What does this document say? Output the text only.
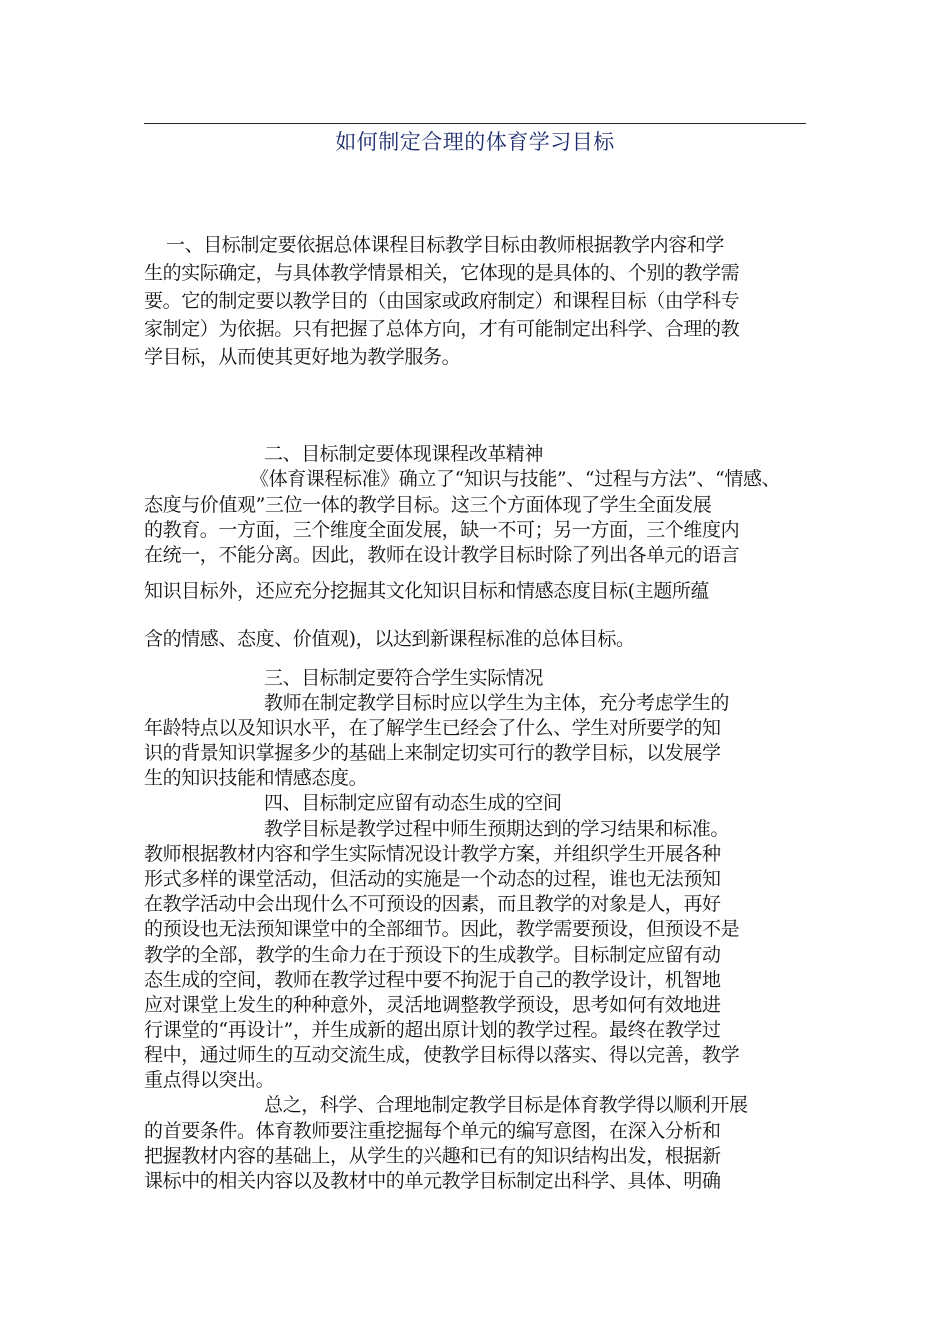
如何制定合理的体育学习目标
一、目标制定要依据总体课程目标教学目标由教师根据教学内容和学
生的实际确定，与具体教学情景相关，它体现的是具体的、个别的教学需
要。它的制定要以教学目的（由国家或政府制定）和课程目标（由学科专
家制定）为依据。只有把握了总体方向，才有可能制定出科学、合理的教
学目标，从而使其更好地为教学服务。
二、目标制定要体现课程改革精神
《体育课程标准》确立了“知识与技能”、“过程与方法”、“情感、
态度与价值观”三位一体的教学目标。这三个方面体现了学生全面发展
的教育。一方面，三个维度全面发展，缺一不可；另一方面，三个维度内
在统一，不能分离。因此，教师在设计教学目标时除了列出各单元的语言
知识目标外，还应充分挖掘其文化知识目标和情感态度目标(主题所蕴
含的情感、态度、价值观)，以达到新课程标准的总体目标。
三、目标制定要符合学生实际情况
教师在制定教学目标时应以学生为主体，充分考虑学生的
年龄特点以及知识水平，在了解学生已经会了什么、学生对所要学的知
识的背景知识掌握多少的基础上来制定切实可行的教学目标，以发展学
生的知识技能和情感态度。
四、目标制定应留有动态生成的空间
教学目标是教学过程中师生预期达到的学习结果和标准。
教师根据教材内容和学生实际情况设计教学方案，并组织学生开展各种
形式多样的课堂活动，但活动的实施是一个动态的过程，谁也无法预知
在教学活动中会出现什么不可预设的因素，而且教学的对象是人，再好
的预设也无法预知课堂中的全部细节。因此，教学需要预设，但预设不是
教学的全部，教学的生命力在于预设下的生成教学。目标制定应留有动
态生成的空间，教师在教学过程中要不拘泥于自己的教学设计，机智地
应对课堂上发生的种种意外，灵活地调整教学预设，思考如何有效地进
行课堂的“再设计”，并生成新的超出原计划的教学过程。最终在教学过
程中，通过师生的互动交流生成，使教学目标得以落实、得以完善，教学
重点得以突出。
总之，科学、合理地制定教学目标是体育教学得以顺利开展
的首要条件。体育教师要注重挖掘每个单元的编写意图，在深入分析和
把握教材内容的基础上，从学生的兴趣和已有的知识结构出发，根据新
课标中的相关内容以及教材中的单元教学目标制定出科学、具体、明确
